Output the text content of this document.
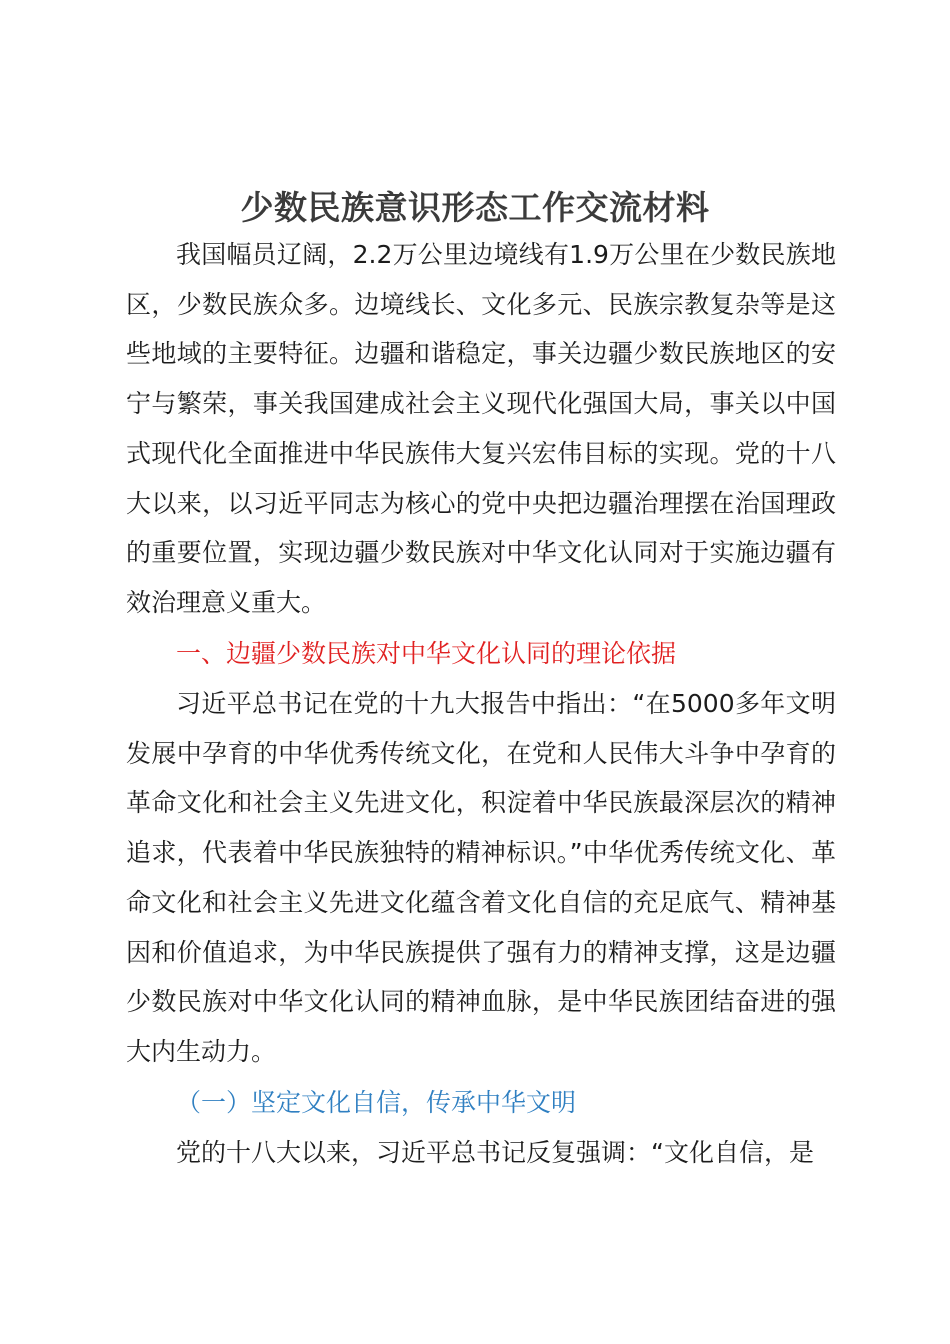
少数民族意识形态工作交流材料

我国幅员辽阔，2.2万公里边境线有1.9万公里在少数民族地区，少数民族众多。边境线长、文化多元、民族宗教复杂等是这些地域的主要特征。边疆和谐稳定，事关边疆少数民族地区的安宁与繁荣，事关我国建成社会主义现代化强国大局，事关以中国式现代化全面推进中华民族伟大复兴宏伟目标的实现。党的十八大以来，以习近平同志为核心的党中央把边疆治理摆在治国理政的重要位置，实现边疆少数民族对中华文化认同对于实施边疆有效治理意义重大。

一、边疆少数民族对中华文化认同的理论依据

习近平总书记在党的十九大报告中指出：“在5000多年文明发展中孕育的中华优秀传统文化，在党和人民伟大斗争中孕育的革命文化和社会主义先进文化，积淀着中华民族最深层次的精神追求，代表着中华民族独特的精神标识。”中华优秀传统文化、革命文化和社会主义先进文化蕴含着文化自信的充足底气、精神基因和价值追求，为中华民族提供了强有力的精神支撑，这是边疆少数民族对中华文化认同的精神血脉，是中华民族团结奋进的强大内生动力。

（一）坚定文化自信，传承中华文明

党的十八大以来，习近平总书记反复强调：“文化自信，是
